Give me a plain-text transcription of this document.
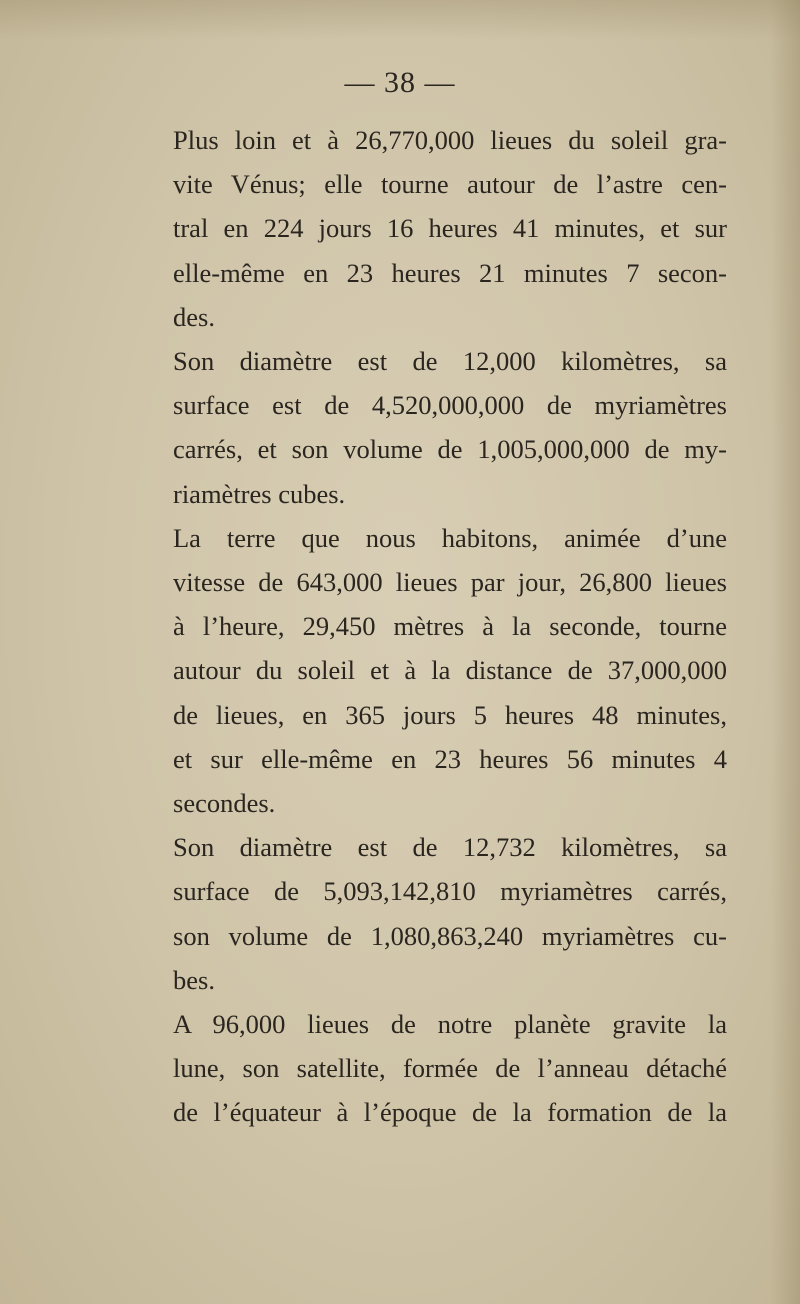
— 38 —

Plus loin et à 26,770,000 lieues du soleil gra-
vite Vénus; elle tourne autour de l’astre cen-
tral en 224 jours 16 heures 41 minutes, et sur
elle-même en 23 heures 21 minutes 7 secon-
des.

Son diamètre est de 12,000 kilomètres, sa
surface est de 4,520,000,000 de myriamètres
carrés, et son volume de 1,005,000,000 de my-
riamètres cubes.

La terre que nous habitons, animée d’une
vitesse de 643,000 lieues par jour, 26,800 lieues
à l’heure, 29,450 mètres à la seconde, tourne
autour du soleil et à la distance de 37,000,000
de lieues, en 365 jours 5 heures 48 minutes,
et sur elle-même en 23 heures 56 minutes 4
secondes.

Son diamètre est de 12,732 kilomètres, sa
surface de 5,093,142,810 myriamètres carrés,
son volume de 1,080,863,240 myriamètres cu-
bes.

A 96,000 lieues de notre planète gravite la
lune, son satellite, formée de l’anneau détaché
de l’équateur à l’époque de la formation de la
